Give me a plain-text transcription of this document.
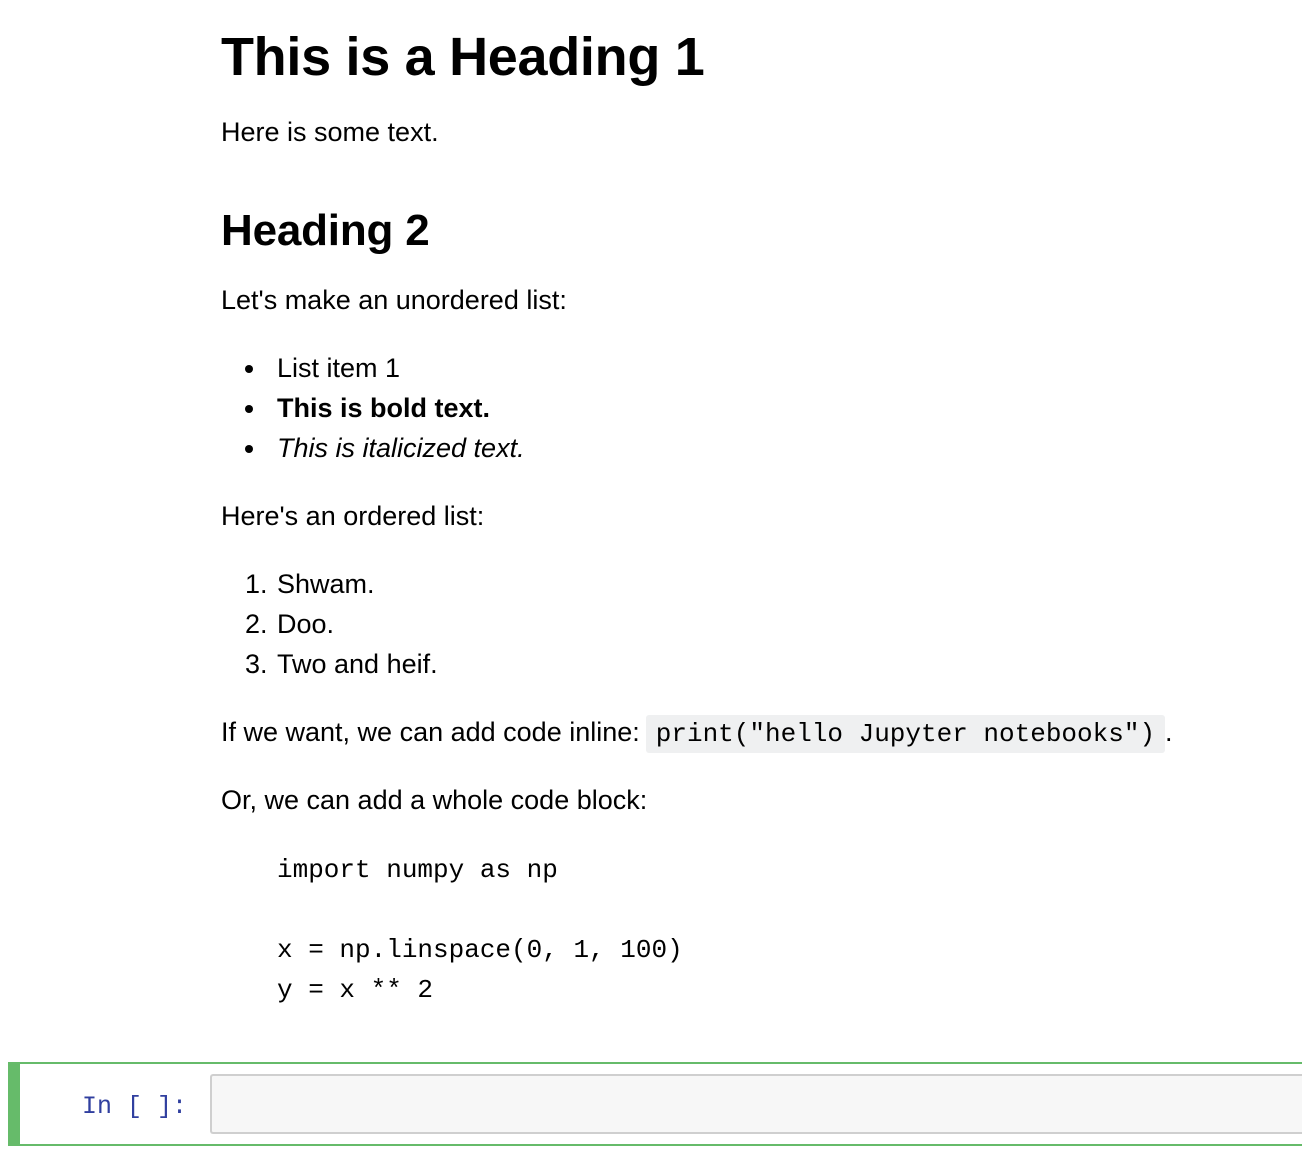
This is a Heading 1

Here is some text.

Heading 2

Let's make an unordered list:

List item 1

This is bold text.

This is italicized text.

Here's an ordered list:

1. Shwam.

2. Doo.

3. Two and heif.

If we want, we can add code inline: print("hello Jupyter notebooks") .

Or, we can add a whole code block:

import numpy as np

x = np.linspace(0, 1, 100)

y = x ** 2

In [ ]:
